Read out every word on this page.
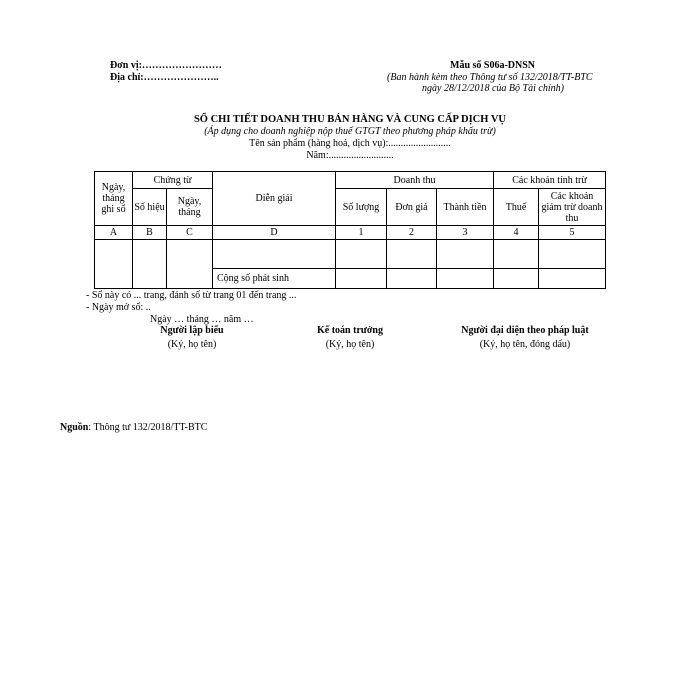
Đơn vị:……………………
Địa chỉ:…………………..
Mẫu số S06a-DNSN
(Ban hành kèm theo Thông tư số 132/2018/TT-BTC
ngày 28/12/2018 của Bộ Tài chính)
SỔ CHI TIẾT DOANH THU BÁN HÀNG VÀ CUNG CẤP DỊCH VỤ
(Áp dụng cho doanh nghiệp nộp thuế GTGT theo phương pháp khấu trừ)
Tên sản phẩm (hàng hoá, dịch vụ):.........................
Năm:..........................
Ngày, tháng ghi sổ	Chứng từ		Diễn giải	Doanh thu			Các khoản tính trừ	
	Số hiệu	Ngày, tháng		Số lượng	Đơn giá	Thành tiền	Thuế	Các khoản giảm trừ doanh thu
A	B	C	D	1	2	3	4	5

			Cộng số phát sinh					
- Sổ này có ... trang, đánh số từ trang 01 đến trang ...
- Ngày mở sổ: ..
Ngày … tháng … năm …
Người lập biểu
(Ký, họ tên)
Kế toán trưởng
(Ký, họ tên)
Người đại diện theo pháp luật
(Ký, họ tên, đóng dấu)
Nguồn: Thông tư 132/2018/TT-BTC
